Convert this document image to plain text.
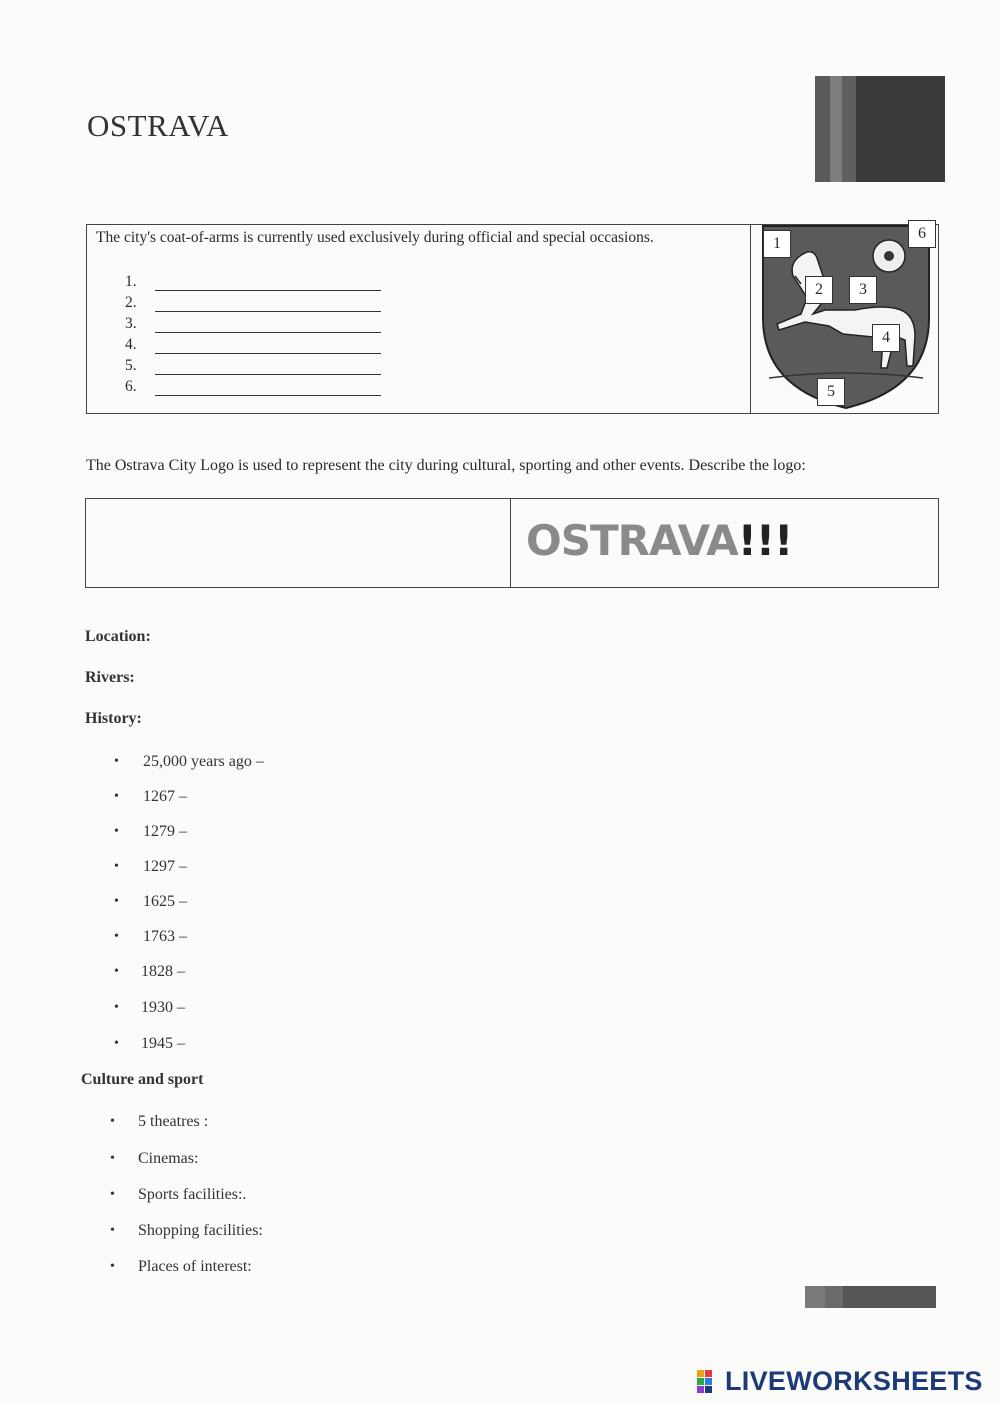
OSTRAVA
The city's coat-of-arms is currently used exclusively during official and special occasions.
1.
2.
3.
4.
5.
6.
1
2	3
4
5
6
The Ostrava City Logo is used to represent the city during cultural, sporting and other events. Describe the logo:
OSTRAVA!!!
Location:
Rivers:
History:
• 25,000 years ago –
• 1267 –
• 1279 –
• 1297 –
• 1625 –
• 1763 –
• 1828 –
• 1930 –
• 1945 –
Culture and sport
• 5 theatres :
• Cinemas:
• Sports facilities:.
• Shopping facilities:
• Places of interest:
LIVEWORKSHEETS
